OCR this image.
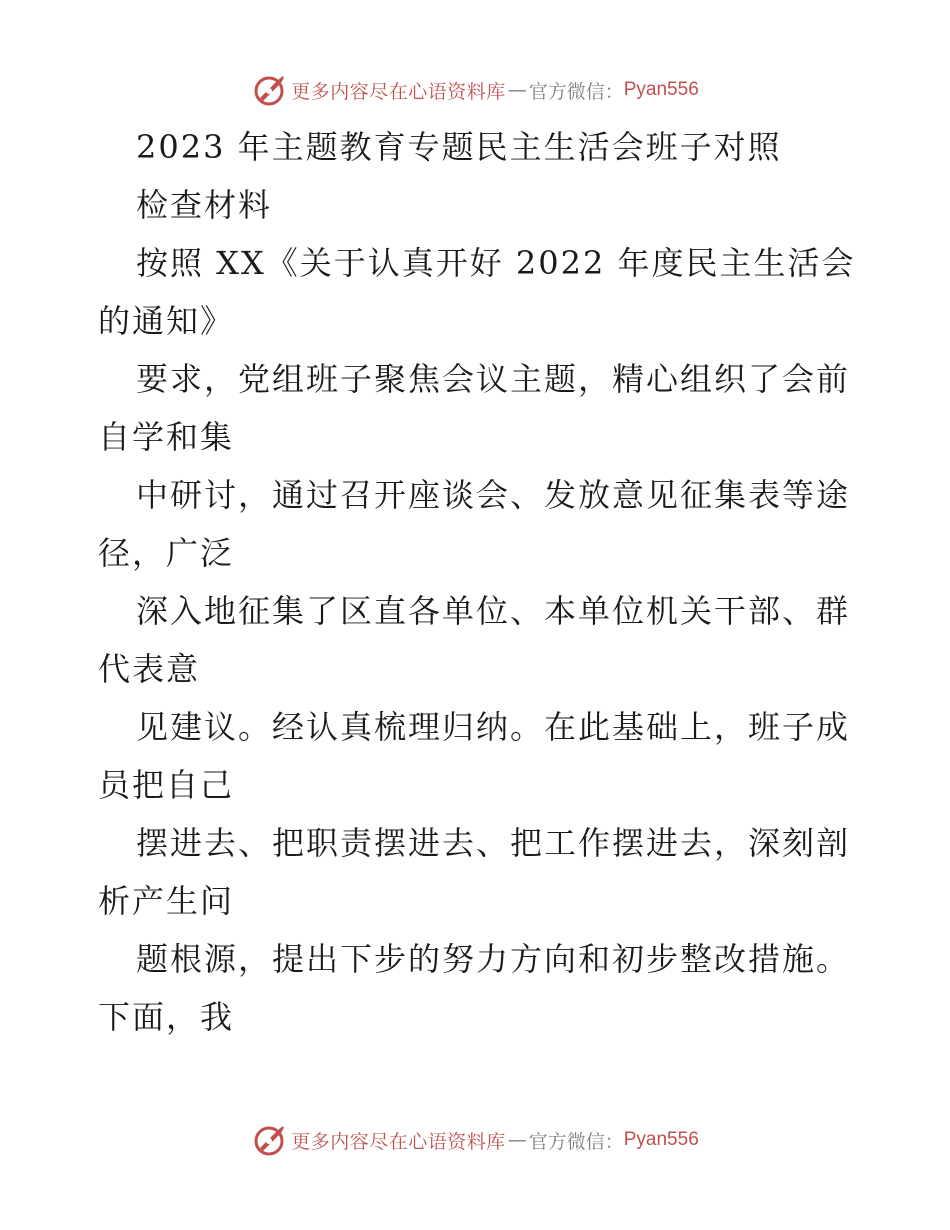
更多内容尽在心语资料库 — 官方微信： Pyan556
2023 年主题教育专题民主生活会班子对照
检查材料
按照 XX《关于认真开好 2022 年度民主生活会
的通知》
要求，党组班子聚焦会议主题，精心组织了会前
自学和集
中研讨，通过召开座谈会、发放意见征集表等途
径，广泛
深入地征集了区直各单位、本单位机关干部、群
代表意
见建议。经认真梳理归纳。在此基础上，班子成
员把自己
摆进去、把职责摆进去、把工作摆进去，深刻剖
析产生问
题根源，提出下步的努力方向和初步整改措施。
下面，我
更多内容尽在心语资料库 — 官方微信： Pyan556
